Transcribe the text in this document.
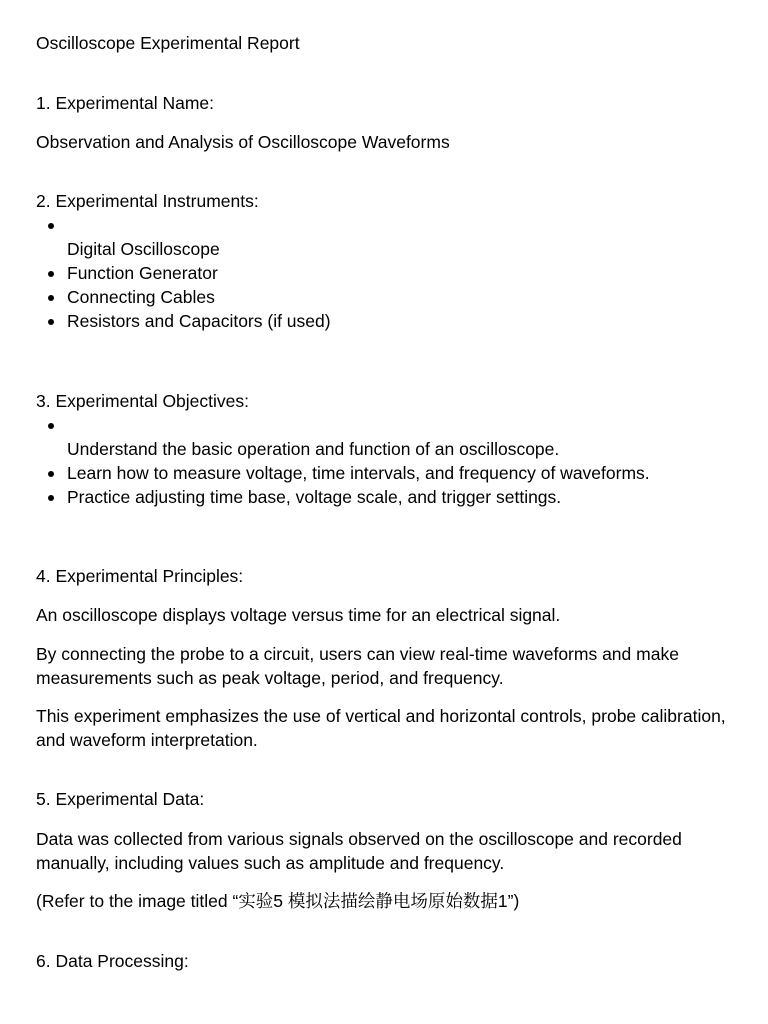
Oscilloscope Experimental Report

1. Experimental Name:

Observation and Analysis of Oscilloscope Waveforms

2. Experimental Instruments:

Digital Oscilloscope
Function Generator
Connecting Cables
Resistors and Capacitors (if used)

3. Experimental Objectives:

Understand the basic operation and function of an oscilloscope.
Learn how to measure voltage, time intervals, and frequency of waveforms.
Practice adjusting time base, voltage scale, and trigger settings.

4. Experimental Principles:

An oscilloscope displays voltage versus time for an electrical signal.

By connecting the probe to a circuit, users can view real-time waveforms and make measurements such as peak voltage, period, and frequency.

This experiment emphasizes the use of vertical and horizontal controls, probe calibration, and waveform interpretation.

5. Experimental Data:

Data was collected from various signals observed on the oscilloscope and recorded manually, including values such as amplitude and frequency.

(Refer to the image titled “实验5 模拟法描绘静电场原始数据1”)

6. Data Processing:
